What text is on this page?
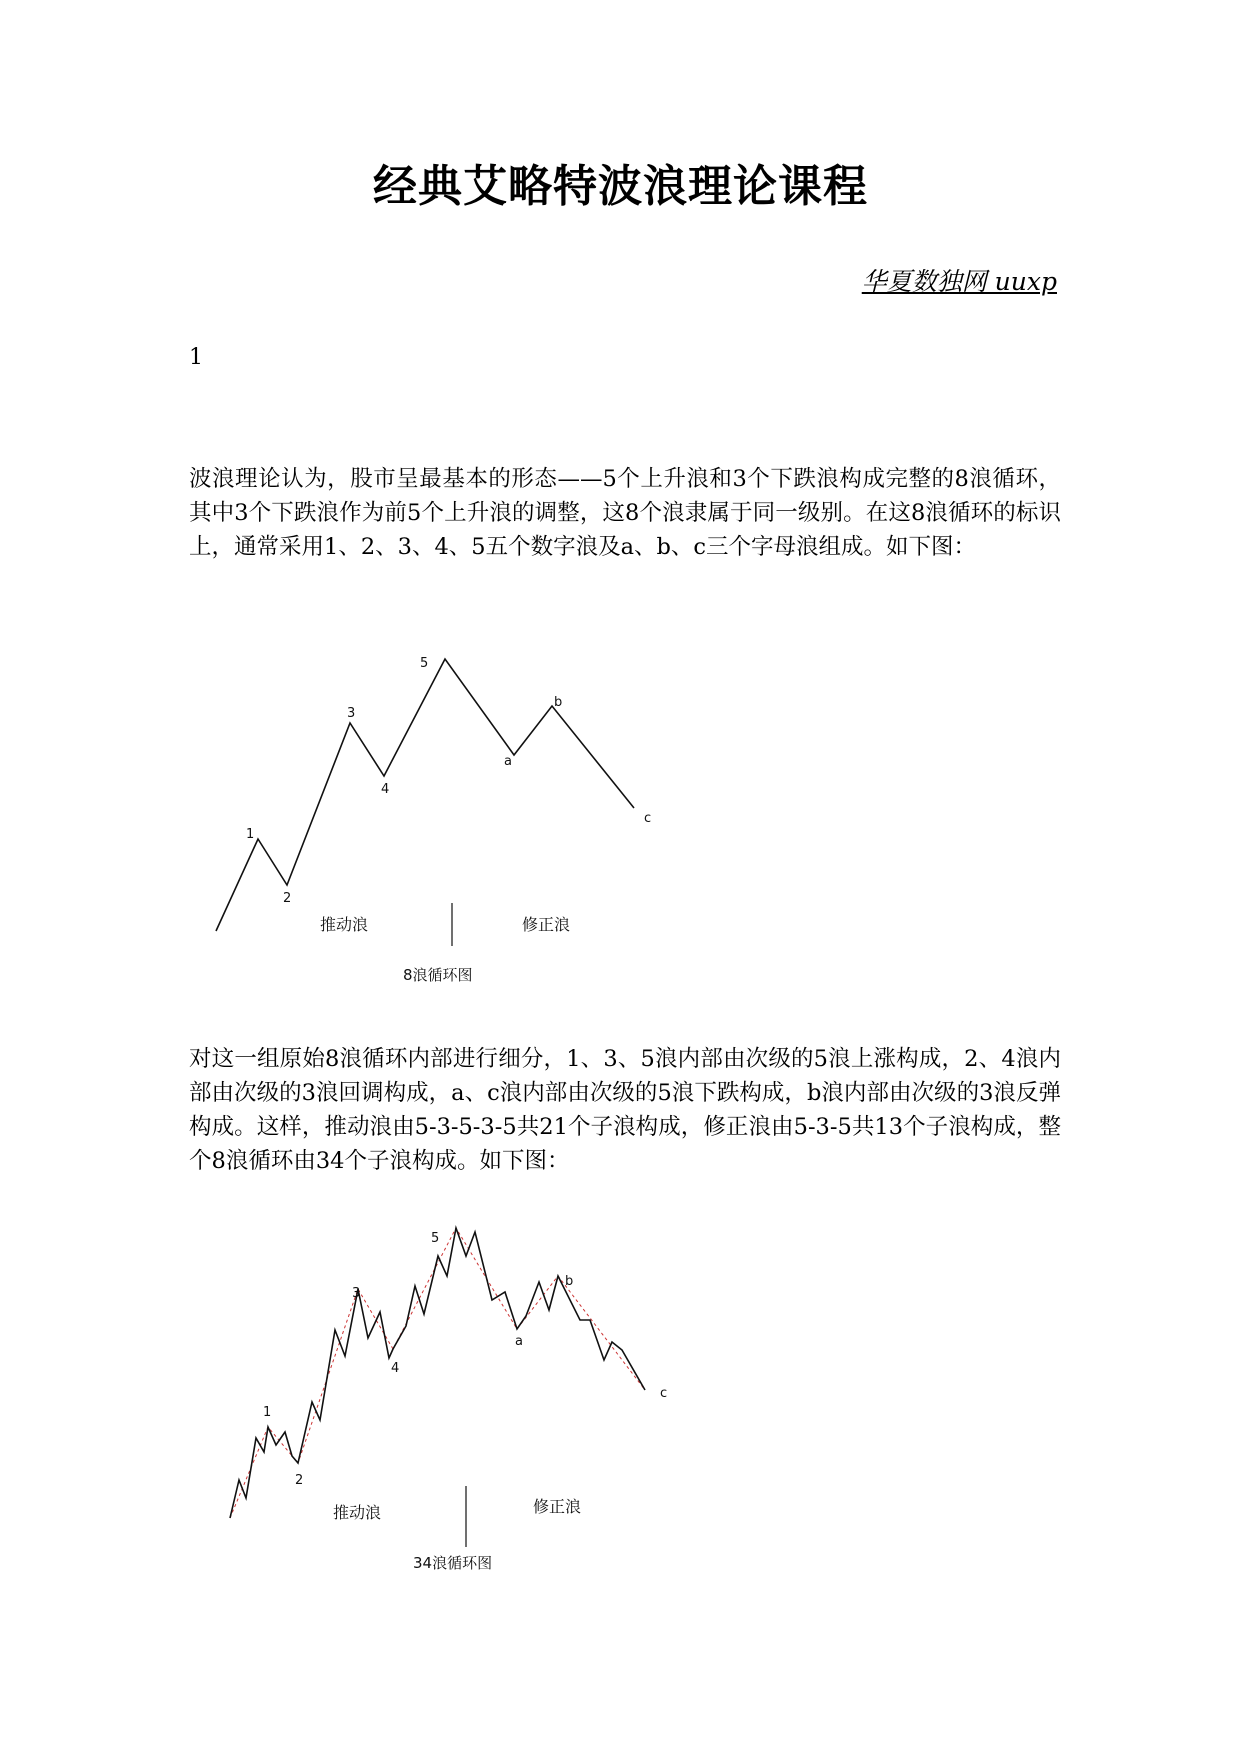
经典艾略特波浪理论课程
华夏数独网 uuxp
1
波浪理论认为，股市呈最基本的形态——5个上升浪和3个下跌浪构成完整的8浪循环，其中3个下跌浪作为前5个上升浪的调整，这8个浪隶属于同一级别。在这8浪循环的标识上，通常采用1、2、3、4、5五个数字浪及a、b、c三个字母浪组成。如下图：
1
2
3
4
5
a
b
c
推动浪	修正浪
8浪循环图
对这一组原始8浪循环内部进行细分，1、3、5浪内部由次级的5浪上涨构成，2、4浪内部由次级的3浪回调构成，a、c浪内部由次级的5浪下跌构成，b浪内部由次级的3浪反弹构成。这样，推动浪由5-3-5-3-5共21个子浪构成，修正浪由5-3-5共13个子浪构成，整个8浪循环由34个子浪构成。如下图：
1
2
3
4
5
a
b
c
推动浪	修正浪
34浪循环图
